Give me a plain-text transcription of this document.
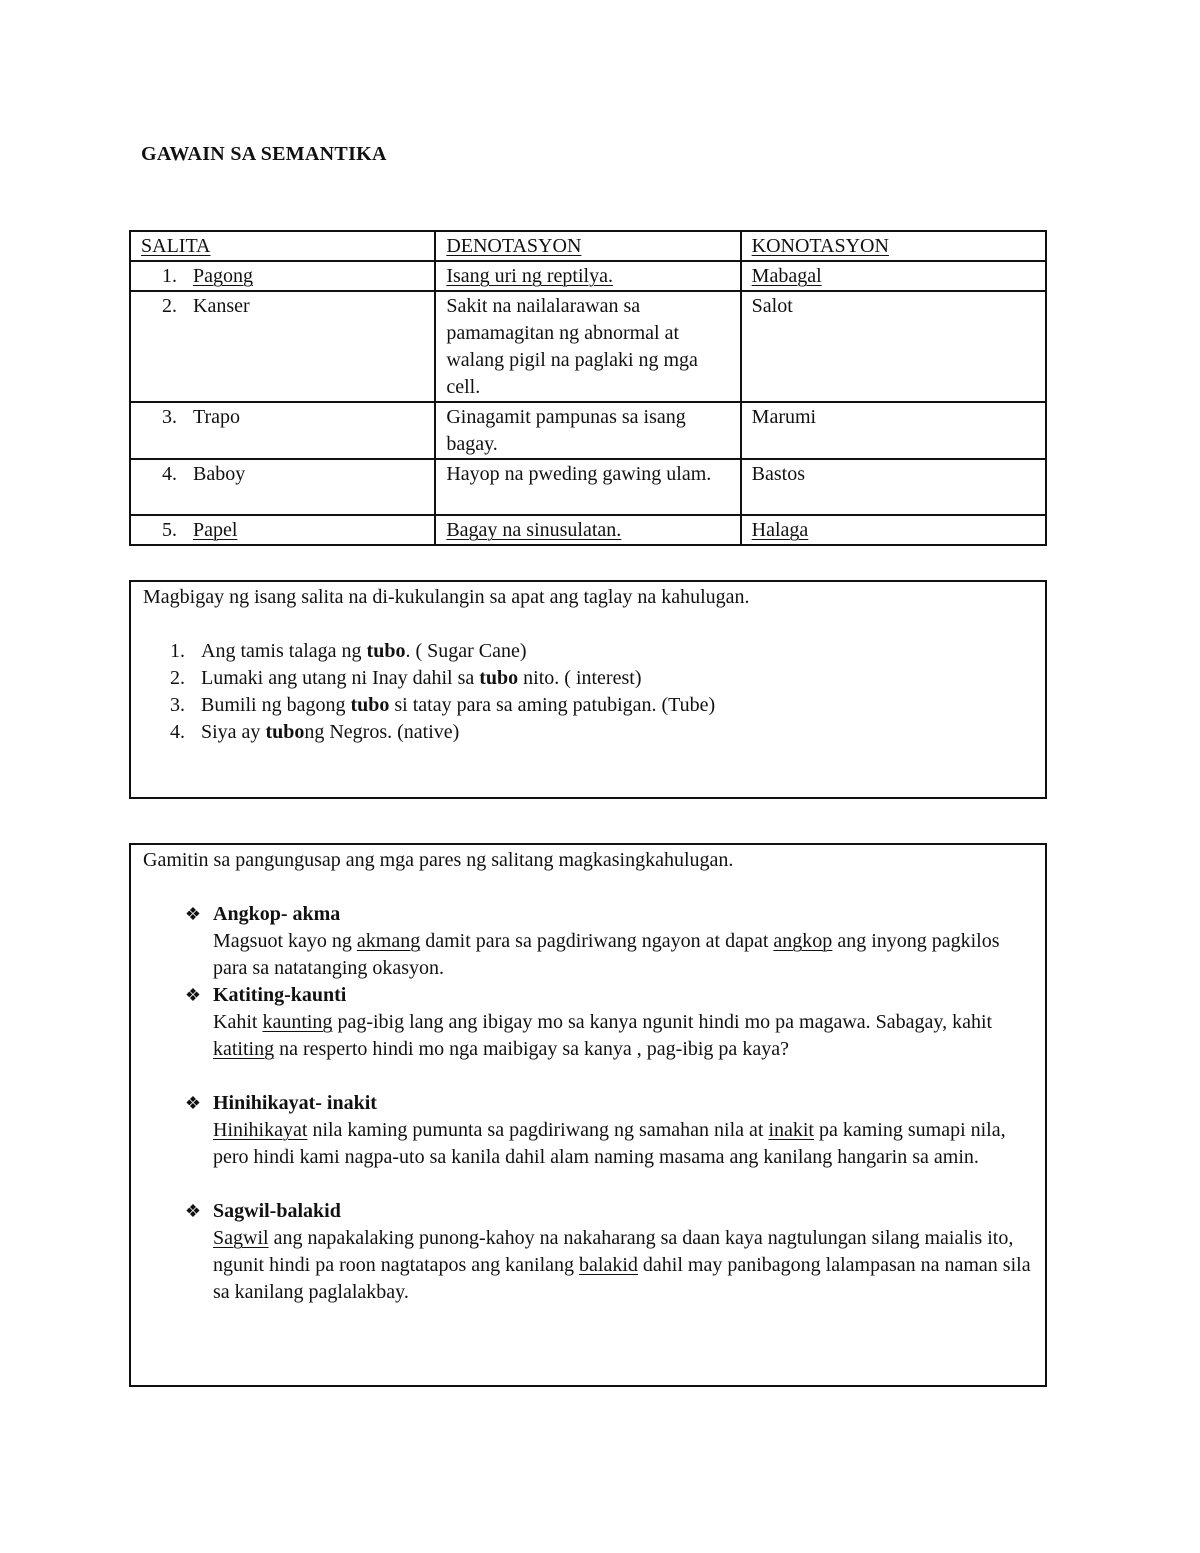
GAWAIN SA SEMANTIKA
SALITA	DENOTASYON	KONOTASYON
1. Pagong	Isang uri ng reptilya.	Mabagal
2. Kanser	Sakit na nailalarawan sa pamamagitan ng abnormal at walang pigil na paglaki ng mga cell.	Salot
3. Trapo	Ginagamit pampunas sa isang bagay.	Marumi
4. Baboy	Hayop na pweding gawing ulam.	Bastos
5. Papel	Bagay na sinusulatan.	Halaga

Magbigay ng isang salita na di-kukulangin sa apat ang taglay na kahulugan.

1. Ang tamis talaga ng tubo. ( Sugar Cane)
2. Lumaki ang utang ni Inay dahil sa tubo nito. ( interest)
3. Bumili ng bagong tubo si tatay para sa aming patubigan. (Tube)
4. Siya ay tubong Negros. (native)

Gamitin sa pangungusap ang mga pares ng salitang magkasingkahulugan.

❖ Angkop- akma
Magsuot kayo ng akmang damit para sa pagdiriwang ngayon at dapat angkop ang inyong pagkilos para sa natatanging okasyon.
❖ Katiting-kaunti
Kahit kaunting pag-ibig lang ang ibigay mo sa kanya ngunit hindi mo pa magawa. Sabagay, kahit katiting na resperto hindi mo nga maibigay sa kanya , pag-ibig pa kaya?
❖ Hinihikayat- inakit
Hinihikayat nila kaming pumunta sa pagdiriwang ng samahan nila at inakit pa kaming sumapi nila, pero hindi kami nagpa-uto sa kanila dahil alam naming masama ang kanilang hangarin sa amin.
❖ Sagwil-balakid
Sagwil ang napakalaking punong-kahoy na nakaharang sa daan kaya nagtulungan silang maialis ito, ngunit hindi pa roon nagtatapos ang kanilang balakid dahil may panibagong lalampasan na naman sila sa kanilang paglalakbay.
